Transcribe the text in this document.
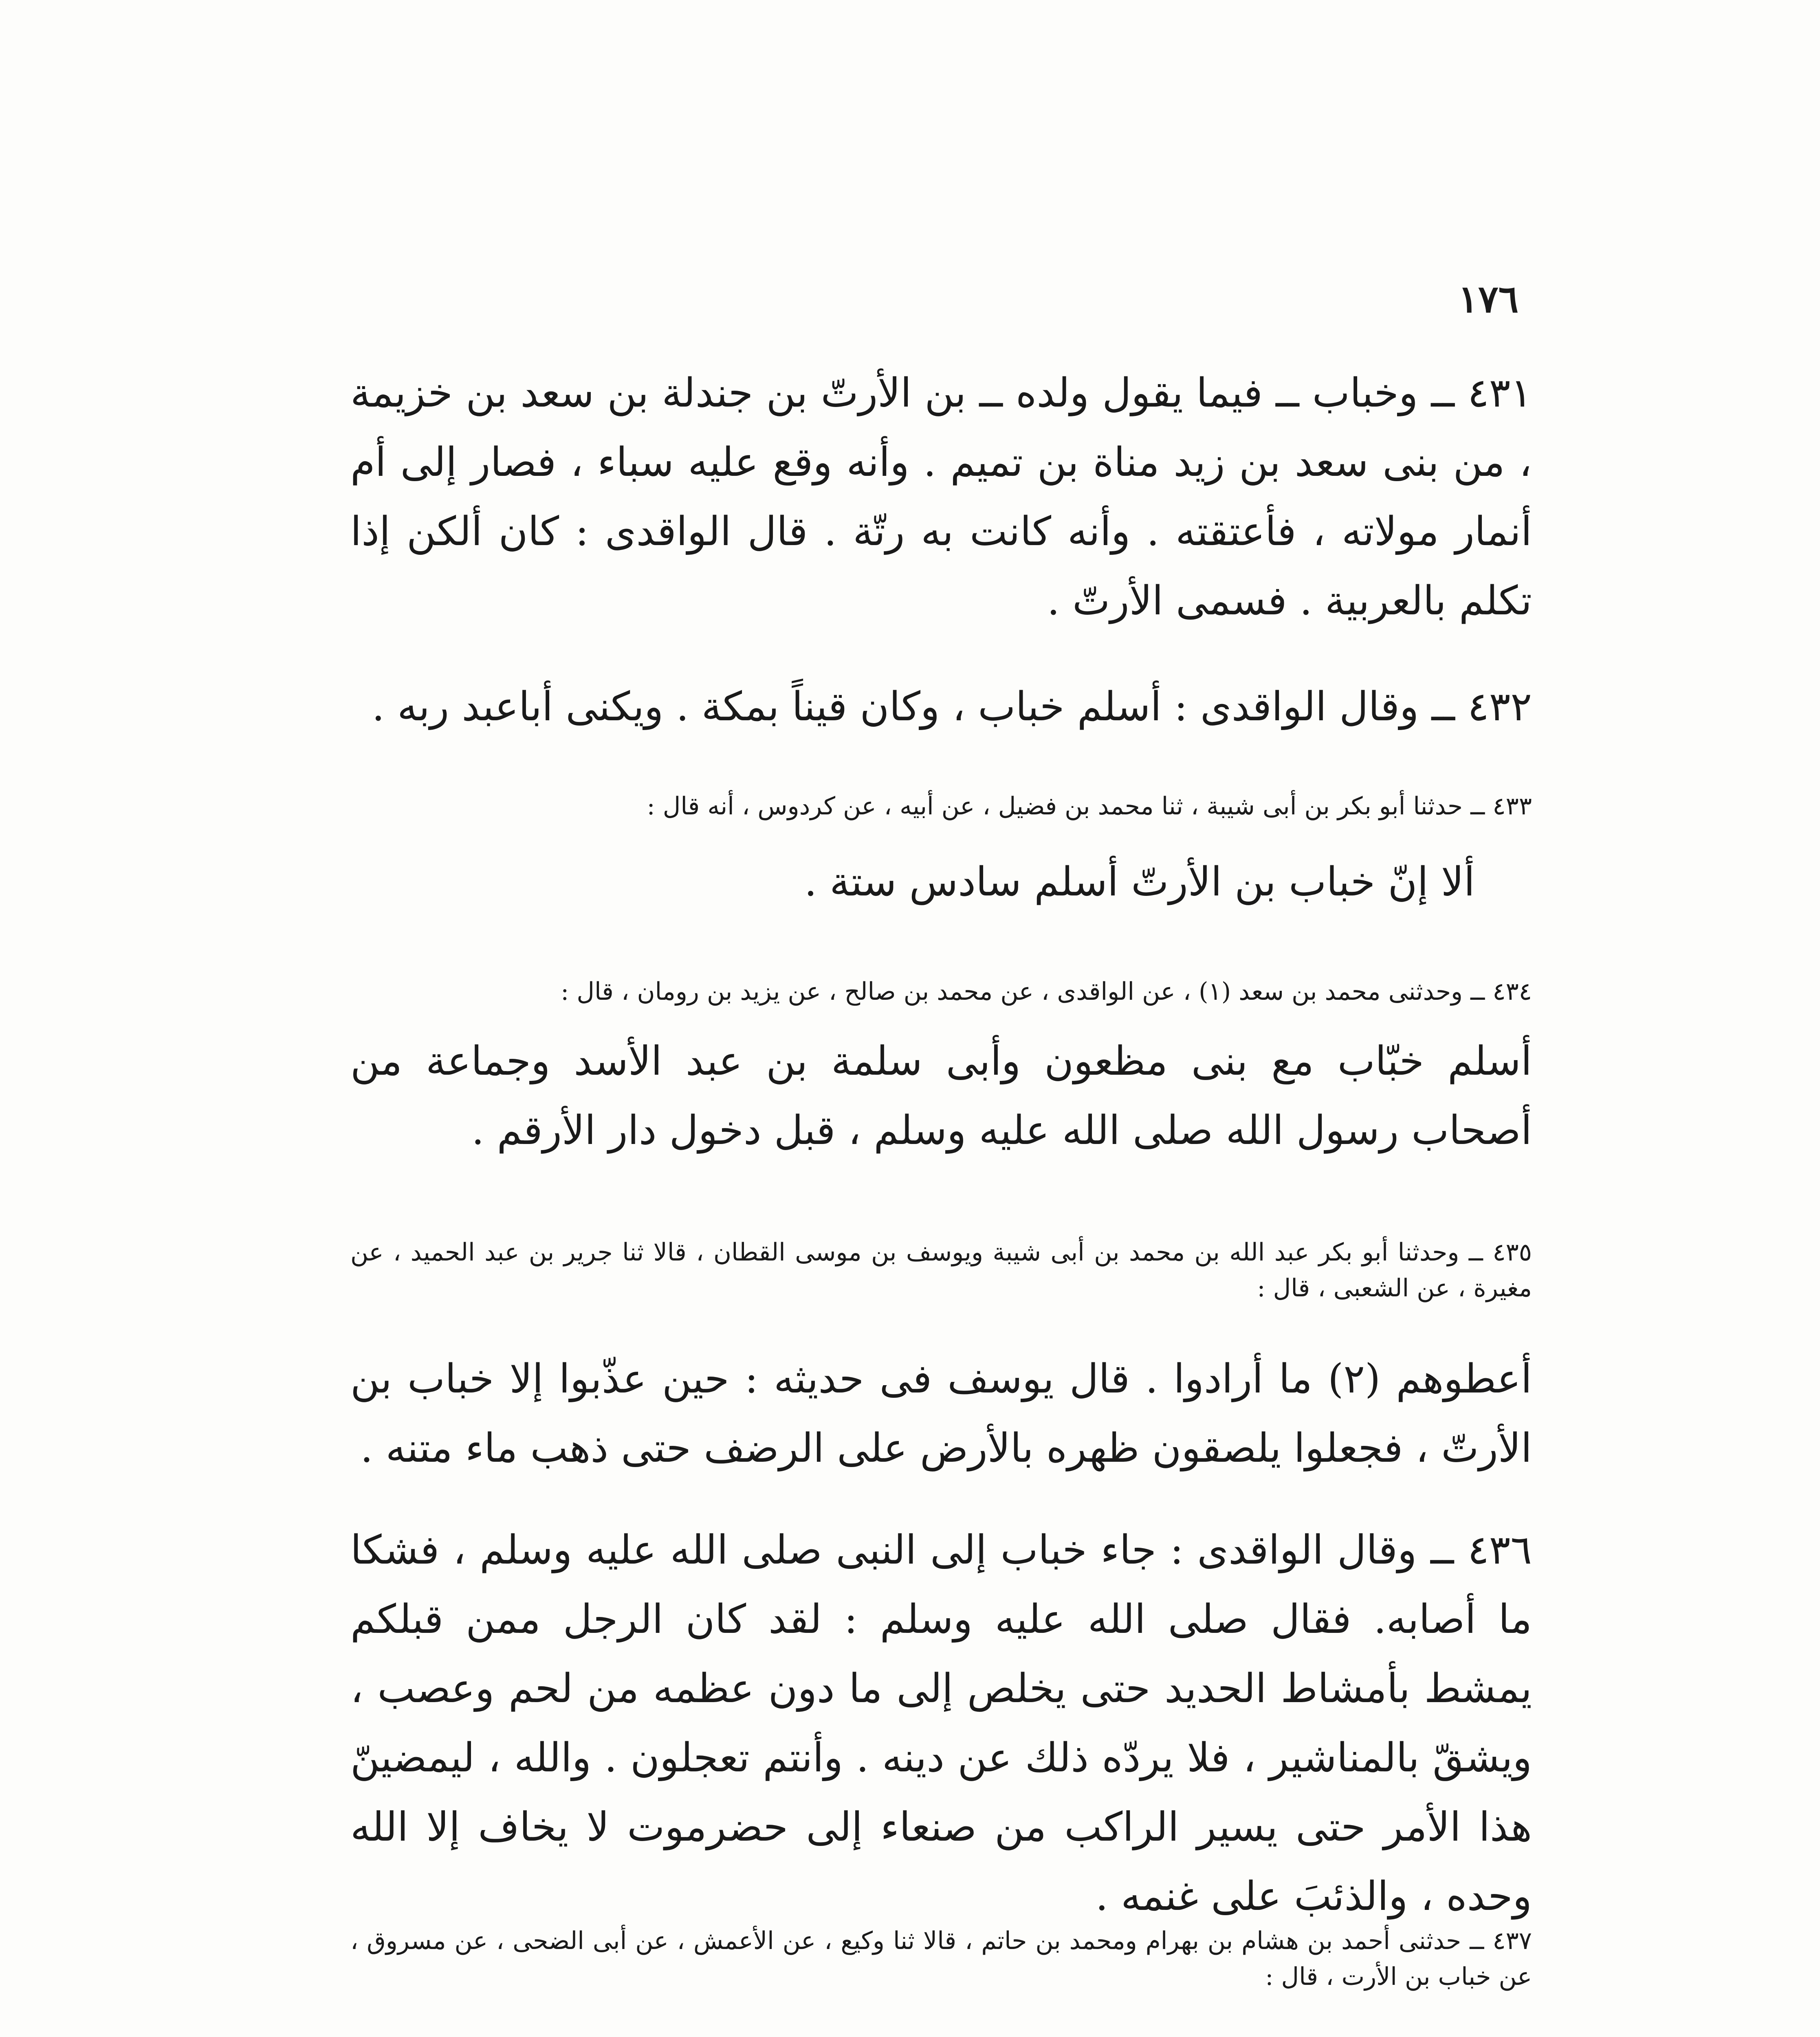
١٧٦

٤٣١ ــ وخباب ــ فيما يقول ولده ــ بن الأرتّ بن جندلة بن سعد بن خزيمة ، من بنى سعد بن زيد مناة بن تميم . وأنه وقع عليه سباء ، فصار إلى أم أنمار مولاته ، فأعتقته . وأنه كانت به رتّة . قال الواقدى : كان ألكن إذا تكلم بالعربية . فسمى الأرتّ .

٤٣٢ ــ وقال الواقدى : أسلم خباب ، وكان قيناً بمكة . ويكنى أباعبد ربه .

٤٣٣ ــ حدثنا أبو بكر بن أبى شيبة ، ثنا محمد بن فضيل ، عن أبيه ، عن كردوس ، أنه قال :

ألا إنّ خباب بن الأرتّ أسلم سادس ستة .

٤٣٤ ــ وحدثنى محمد بن سعد (١) ، عن الواقدى ، عن محمد بن صالح ، عن يزيد بن رومان ، قال :

أسلم خبّاب مع بنى مظعون وأبى سلمة بن عبد الأسد وجماعة من أصحاب رسول الله صلى الله عليه وسلم ، قبل دخول دار الأرقم .

٤٣٥ ــ وحدثنا أبو بكر عبد الله بن محمد بن أبى شيبة ويوسف بن موسى القطان ، قالا ثنا جرير بن عبد الحميد ، عن مغيرة ، عن الشعبى ، قال :

أعطوهم (٢) ما أرادوا . قال يوسف فى حديثه : حين عذّبوا إلا خباب بن الأرتّ ، فجعلوا يلصقون ظهره بالأرض على الرضف حتى ذهب ماء متنه .

٤٣٦ ــ وقال الواقدى : جاء خباب إلى النبى صلى الله عليه وسلم ، فشكا ما أصابه. فقال صلى الله عليه وسلم : لقد كان الرجل ممن قبلكم يمشط بأمشاط الحديد حتى يخلص إلى ما دون عظمه من لحم وعصب ، ويشقّ بالمناشير ، فلا يردّه ذلك عن دينه . وأنتم تعجلون . والله ، ليمضينّ هذا الأمر حتى يسير الراكب من صنعاء إلى حضرموت لا يخاف إلا الله وحده ، والذئبَ على غنمه .

٤٣٧ ــ حدثنى أحمد بن هشام بن بهرام ومحمد بن حاتم ، قالا ثنا وكيع ، عن الأعمش ، عن أبى الضحى ، عن مسروق ، عن خباب بن الأرت ، قال :
